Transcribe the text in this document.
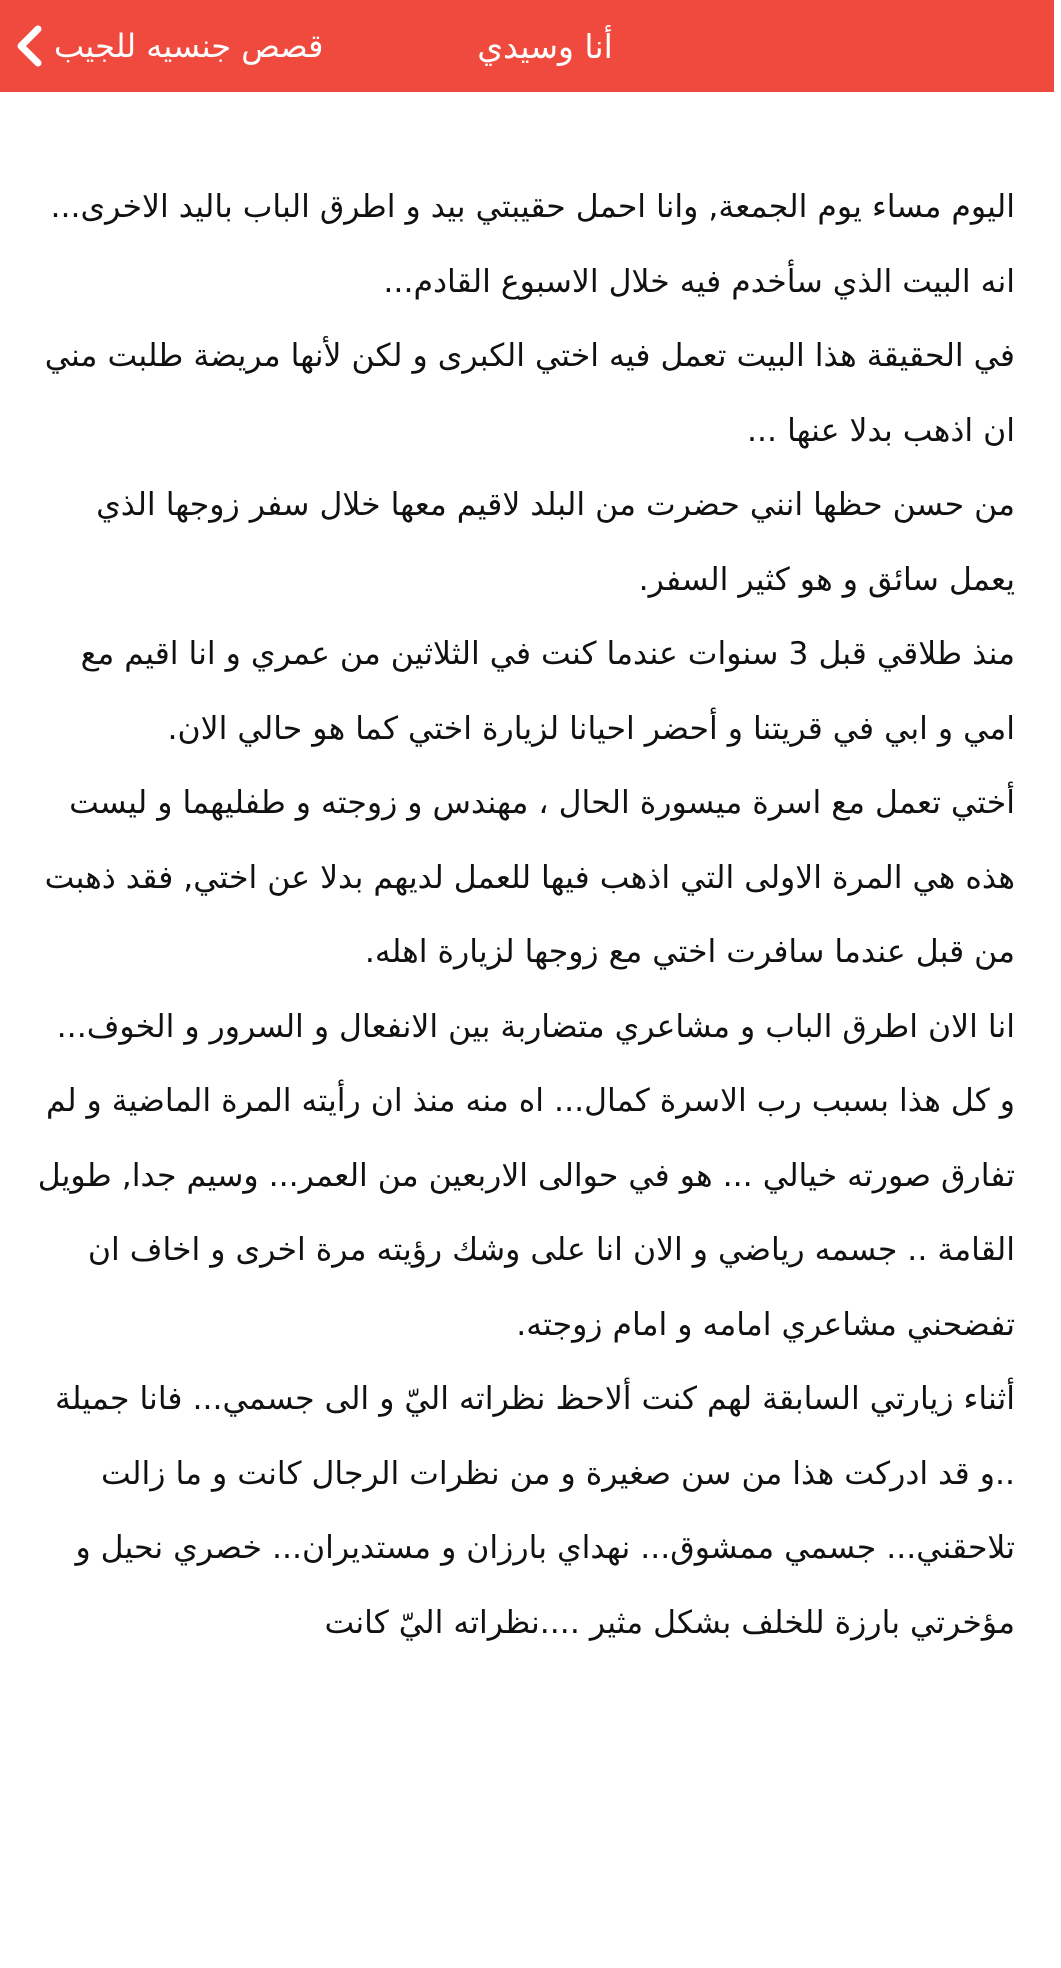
قصص جنسيه للجيب	أنا وسيدي

اليوم مساء يوم الجمعة, وانا احمل حقيبتي بيد و اطرق الباب باليد الاخرى...

انه البيت الذي سأخدم فيه خلال الاسبوع القادم...

في الحقيقة هذا البيت تعمل فيه اختي الكبرى و لكن لأنها مريضة طلبت مني ان اذهب بدلا عنها ...

من حسن حظها انني حضرت من البلد لاقيم معها خلال سفر زوجها الذي يعمل سائق و هو كثير السفر.

منذ طلاقي قبل 3 سنوات عندما كنت في الثلاثين من عمري و انا اقيم مع امي و ابي في قريتنا و أحضر احيانا لزيارة اختي كما هو حالي الان.

أختي تعمل مع اسرة ميسورة الحال ، مهندس و زوجته و طفليهما و ليست هذه هي المرة الاولى التي اذهب فيها للعمل لديهم بدلا عن اختي, فقد ذهبت من قبل عندما سافرت اختي مع زوجها لزيارة اهله.

انا الان اطرق الباب و مشاعري متضاربة بين الانفعال و السرور و الخوف... و كل هذا بسبب رب الاسرة كمال... اه منه منذ ان رأيته المرة الماضية و لم تفارق صورته خيالي ... هو في حوالى الاربعين من العمر... وسيم جدا, طويل القامة .. جسمه رياضي و الان انا على وشك رؤيته مرة اخرى و اخاف ان تفضحني مشاعري امامه و امام زوجته.

أثناء زيارتي السابقة لهم كنت ألاحظ نظراته اليّ و الى جسمي... فانا جميلة ..و قد ادركت هذا من سن صغيرة و من نظرات الرجال كانت و ما زالت تلاحقني... جسمي ممشوق... نهداي بارزان و مستديران... خصري نحيل و مؤخرتي بارزة للخلف بشكل مثير ....نظراته اليّ كانت
